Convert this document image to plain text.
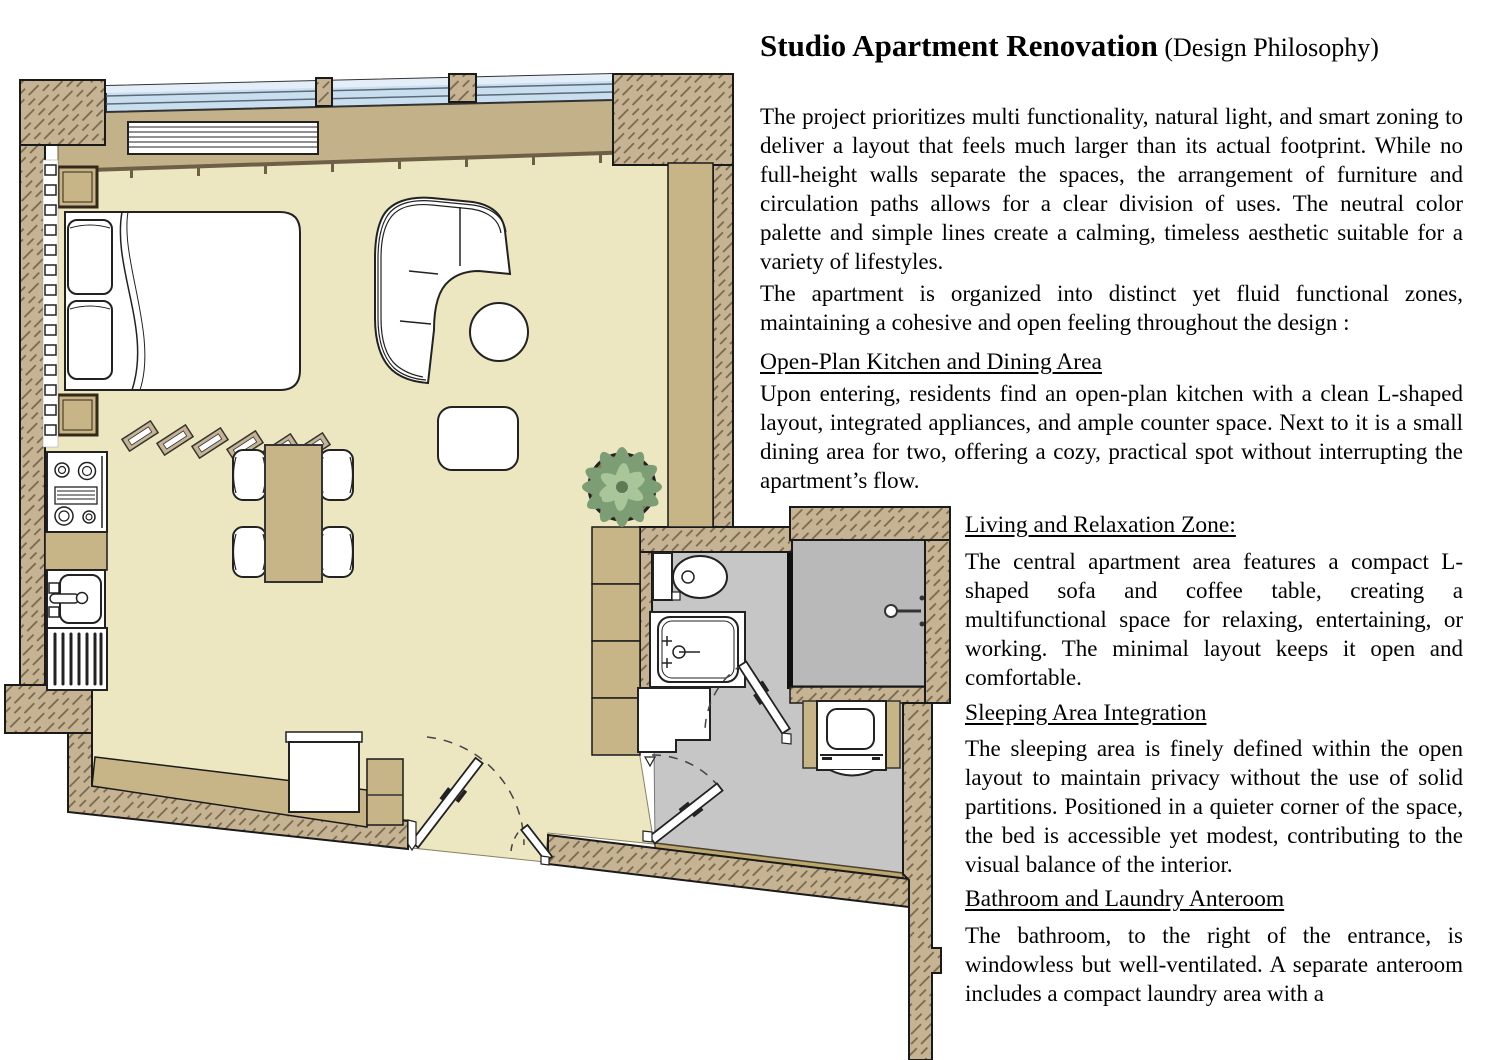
Studio Apartment Renovation (Design Philosophy)
The project prioritizes multi functionality, natural light, and smart zoning to deliver a layout that feels much larger than its actual footprint. While no full-height walls separate the spaces, the arrangement of furniture and circulation paths allows for a clear division of uses. The neutral color palette and simple lines create a calming, timeless aesthetic suitable for a variety of lifestyles.
The apartment is organized into distinct yet fluid functional zones, maintaining a cohesive and open feeling throughout the design :
Open-Plan Kitchen and Dining Area
Upon entering, residents find an open-plan kitchen with a clean L-shaped layout, integrated appliances, and ample counter space. Next to it is a small dining area for two, offering a cozy, practical spot without interrupting the apartment’s flow.
Living and Relaxation Zone:
The central apartment area features a compact L-shaped sofa and coffee table, creating a multifunctional space for relaxing, entertaining, or working. The minimal layout keeps it open and comfortable.
Sleeping Area Integration
The sleeping area is finely defined within the open layout to maintain privacy without the use of solid partitions. Positioned in a quieter corner of the space, the bed is accessible yet modest, contributing to the visual balance of the interior.
Bathroom and Laundry Anteroom
The bathroom, to the right of the entrance, is windowless but well-ventilated. A separate anteroom includes a compact laundry area with a
